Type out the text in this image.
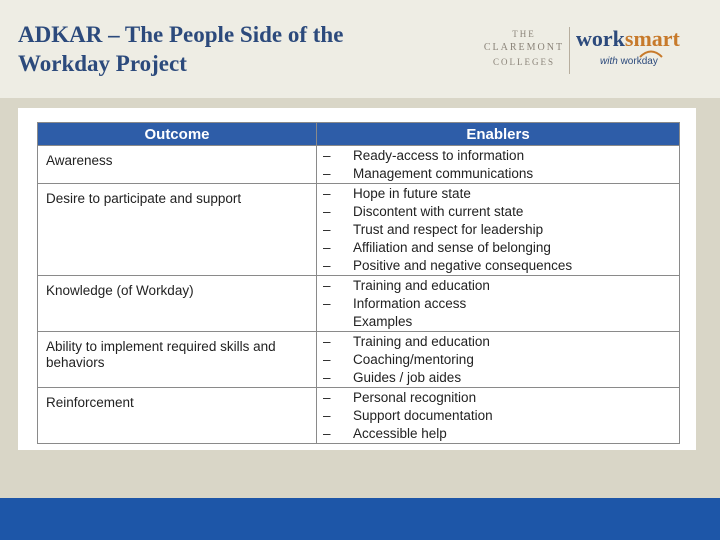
ADKAR – The People Side of the Workday Project
THE
CLAREMONT
COLLEGES
worksmart
with workday
Outcome	Enablers
Awareness	– Ready-access to information
– Management communications

Desire to participate and support	– Hope in future state
– Discontent with current state
– Trust and respect for leadership
– Affiliation and sense of belonging
– Positive and negative consequences

Knowledge (of Workday)	– Training and education
– Information access
Examples

Ability to implement required skills and behaviors	– Training and education
– Coaching/mentoring
– Guides / job aides

Reinforcement	– Personal recognition
– Support documentation
– Accessible help
